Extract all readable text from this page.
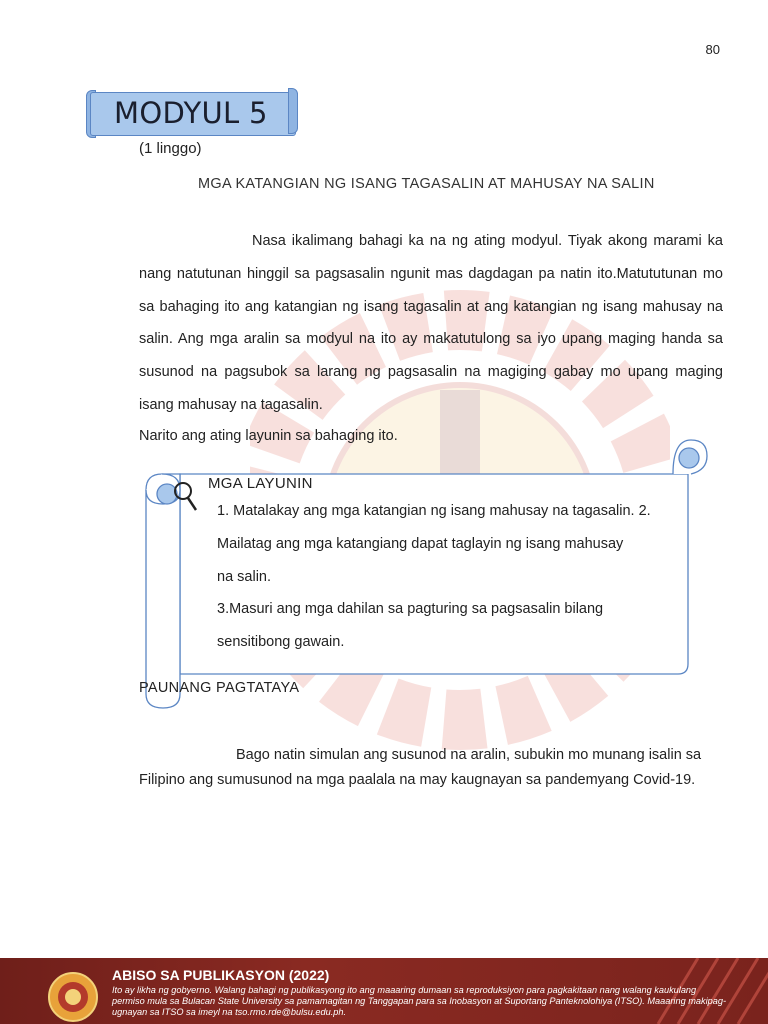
80
MODYUL 5
(1 linggo)
MGA KATANGIAN NG ISANG TAGASALIN AT MAHUSAY NA SALIN
Nasa ikalimang bahagi ka na ng ating modyul. Tiyak akong marami ka nang natutunan hinggil sa pagsasalin ngunit mas dagdagan pa natin ito.Matututunan mo sa bahaging ito ang katangian ng isang tagasalin at ang katangian ng isang mahusay na salin. Ang mga aralin sa modyul na ito ay makatutulong sa iyo upang maging handa sa susunod na pagsubok sa larang ng pagsasalin na magiging gabay mo upang maging isang mahusay na tagasalin.
Narito ang ating layunin sa bahaging ito.
MGA LAYUNIN
1. Matalakay ang mga katangian ng isang mahusay na tagasalin. 2.
Mailatag ang mga katangiang dapat taglayin ng isang mahusay
na salin.
3.Masuri ang mga dahilan sa pagturing sa pagsasalin bilang
sensitibong gawain.
PAUNANG PAGTATAYA
Bago natin simulan ang susunod na aralin, subukin mo munang isalin sa Filipino ang sumusunod na mga paalala na may kaugnayan sa pandemyang Covid-19.
ABISO SA PUBLIKASYON (2022)
Ito ay likha ng gobyerno. Walang bahagi ng publikasyong ito ang maaaring dumaan sa reproduksiyon para pagkakitaan nang walang kaukulang permiso mula sa Bulacan State University sa pamamagitan ng Tanggapan para sa Inobasyon at Suportang Panteknolohiya (ITSO). Maaaring makipag-ugnayan sa ITSO sa imeyl na tso.rmo.rde@bulsu.edu.ph.
